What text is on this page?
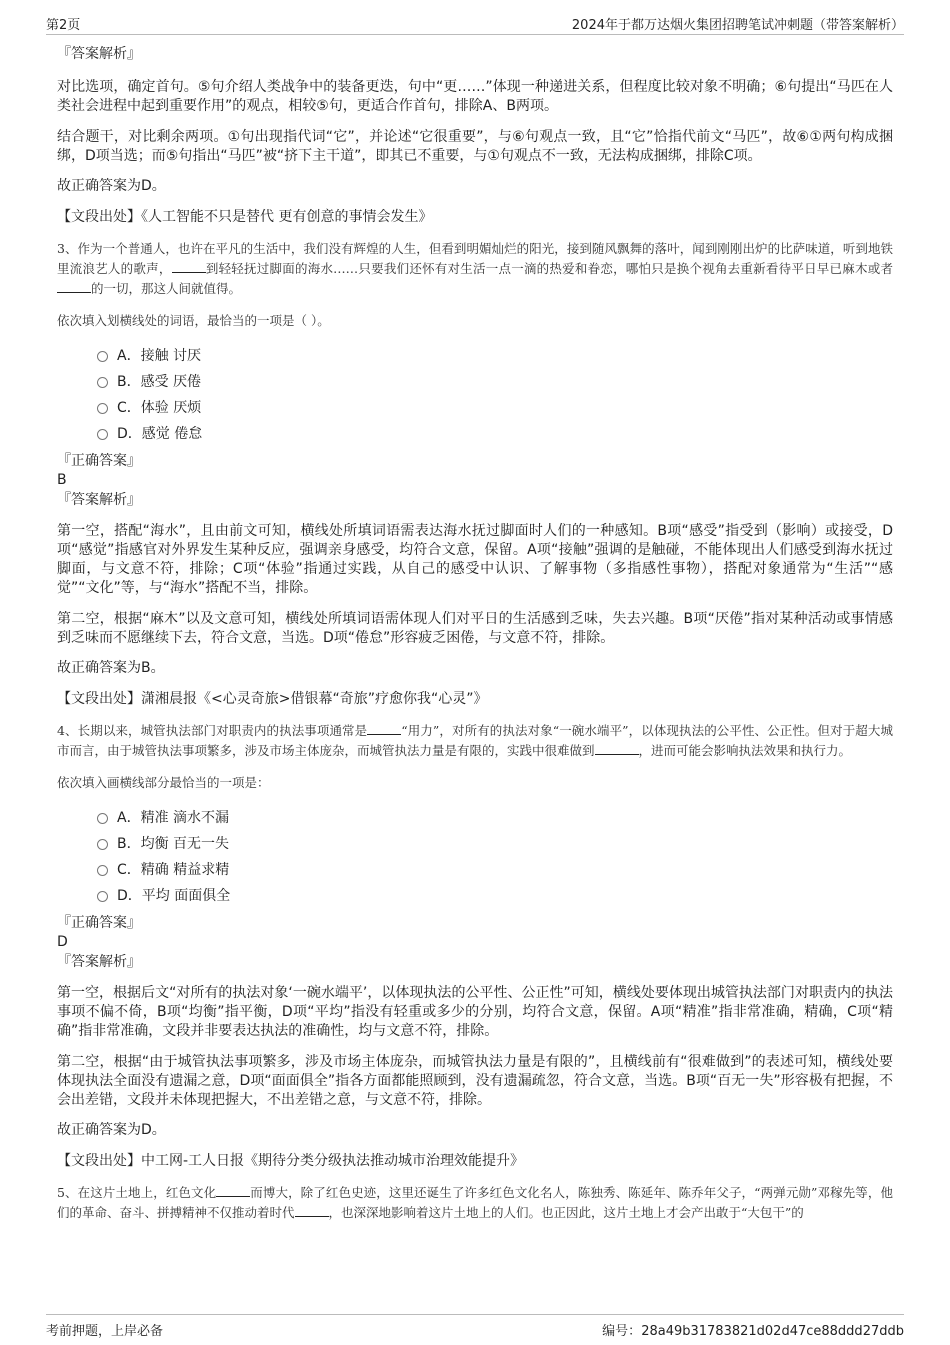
第2页	2024年于都万达烟火集团招聘笔试冲刺题（带答案解析）

『答案解析』

对比选项，确定首句。⑤句介绍人类战争中的装备更迭，句中“更……”体现一种递进关系，但程度比较对象不明确；⑥句提出“马匹在人类社会进程中起到重要作用”的观点，相较⑤句，更适合作首句，排除A、B两项。

结合题干，对比剩余两项。①句出现指代词“它”，并论述“它很重要”，与⑥句观点一致，且“它”恰指代前文“马匹”，故⑥①两句构成捆绑，D项当选；而⑤句指出“马匹”被“挤下主干道”，即其已不重要，与①句观点不一致，无法构成捆绑，排除C项。

故正确答案为D。

【文段出处】《人工智能不只是替代 更有创意的事情会发生》

3、作为一个普通人，也许在平凡的生活中，我们没有辉煌的人生，但看到明媚灿烂的阳光，接到随风飘舞的落叶，闻到刚刚出炉的比萨味道，听到地铁里流浪艺人的歌声，	到轻轻抚过脚面的海水……只要我们还怀有对生活一点一滴的热爱和眷恋，哪怕只是换个视角去重新看待平日早已麻木或者的一切，那这人间就值得。

依次填入划横线处的词语，最恰当的一项是（ ）。

A．接触 讨厌
B．感受 厌倦
C．体验 厌烦
D．感觉 倦怠

『正确答案』

B

『答案解析』

第一空，搭配“海水”，且由前文可知，横线处所填词语需表达海水抚过脚面时人们的一种感知。B项“感受”指受到（影响）或接受，D项“感觉”指感官对外界发生某种反应，强调亲身感受，均符合文意，保留。A项“接触”强调的是触碰，不能体现出人们感受到海水抚过脚面，与文意不符，排除；C项“体验”指通过实践，从自己的感受中认识、了解事物（多指感性事物），搭配对象通常为“生活”“感觉”“文化”等，与“海水”搭配不当，排除。

第二空，根据“麻木”以及文意可知，横线处所填词语需体现人们对平日的生活感到乏味，失去兴趣。B项“厌倦”指对某种活动或事情感到乏味而不愿继续下去，符合文意，当选。D项“倦怠”形容疲乏困倦，与文意不符，排除。

故正确答案为B。

【文段出处】潇湘晨报《<心灵奇旅>借银幕“奇旅”疗愈你我“心灵”》

4、长期以来，城管执法部门对职责内的执法事项通常是	“用力”，对所有的执法对象“一碗水端平”，以体现执法的公平性、公正性。但对于超大城市而言，由于城管执法事项繁多，涉及市场主体庞杂，而城管执法力量是有限的，实践中很难做到	，进而可能会影响执法效果和执行力。

依次填入画横线部分最恰当的一项是：

A．精准 滴水不漏
B．均衡 百无一失
C．精确 精益求精
D．平均 面面俱全

『正确答案』

D

『答案解析』

第一空，根据后文“对所有的执法对象‘一碗水端平’，以体现执法的公平性、公正性”可知，横线处要体现出城管执法部门对职责内的执法事项不偏不倚，B项“均衡”指平衡，D项“平均”指没有轻重或多少的分别，均符合文意，保留。A项“精准”指非常准确，精确，C项“精确”指非常准确，文段并非要表达执法的准确性，均与文意不符，排除。

第二空，根据“由于城管执法事项繁多，涉及市场主体庞杂，而城管执法力量是有限的”，且横线前有“很难做到”的表述可知，横线处要体现执法全面没有遗漏之意，D项“面面俱全”指各方面都能照顾到，没有遗漏疏忽，符合文意，当选。B项“百无一失”形容极有把握，不会出差错，文段并未体现把握大，不出差错之意，与文意不符，排除。

故正确答案为D。

【文段出处】中工网-工人日报《期待分类分级执法推动城市治理效能提升》

5、在这片土地上，红色文化	而博大，除了红色史迹，这里还诞生了许多红色文化名人，陈独秀、陈延年、陈乔年父子，“两弹元勋”邓稼先等，他们的革命、奋斗、拼搏精神不仅推动着时代	，也深深地影响着这片土地上的人们。也正因此，这片土地上才会产出敢于“大包干”的

考前押题，上岸必备	编号：28a49b31783821d02d47ce88ddd27ddb
